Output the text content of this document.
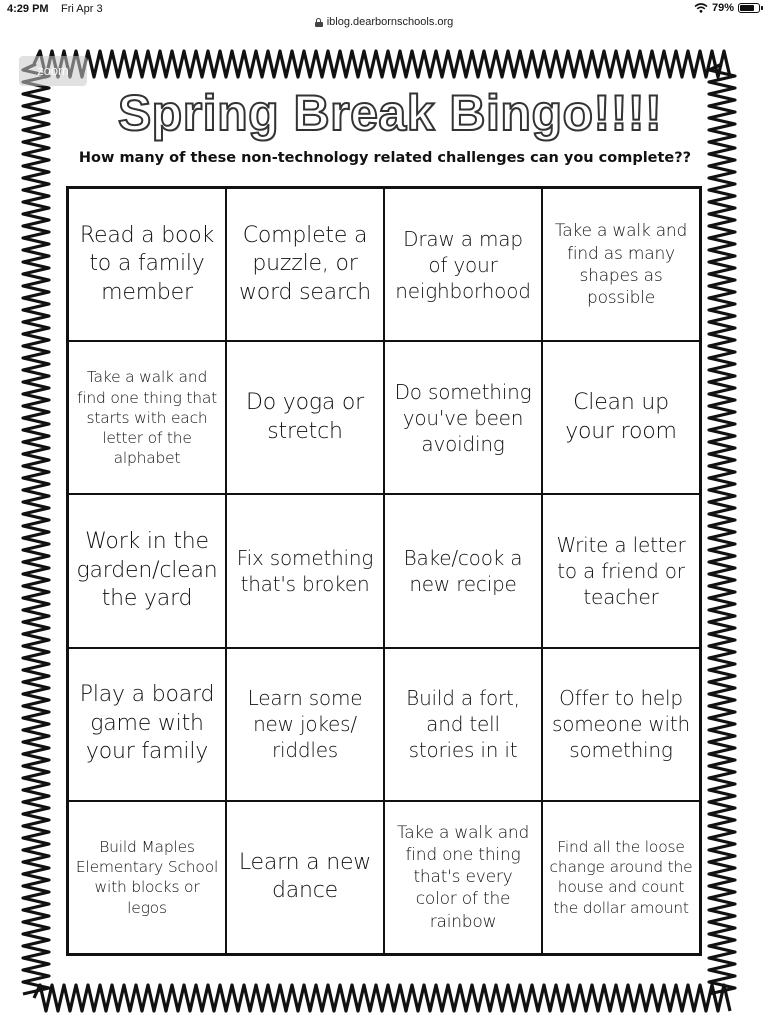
4:29 PM Fri Apr 3	79%
iblog.dearbornschools.org
zoom
Spring Break Bingo!!!!
How many of these non-technology related challenges can you complete??
Read a book to a family member
Complete a puzzle, or word search
Draw a map of your neighborhood
Take a walk and find as many shapes as possible
Take a walk and find one thing that starts with each letter of the alphabet
Do yoga or stretch
Do something you've been avoiding
Clean up your room
Work in the garden/clean the yard
Fix something that's broken
Bake/cook a new recipe
Write a letter to a friend or teacher
Play a board game with your family
Learn some new jokes/ riddles
Build a fort, and tell stories in it
Offer to help someone with something
Build Maples Elementary School with blocks or legos
Learn a new dance
Take a walk and find one thing that's every color of the rainbow
Find all the loose change around the house and count the dollar amount
